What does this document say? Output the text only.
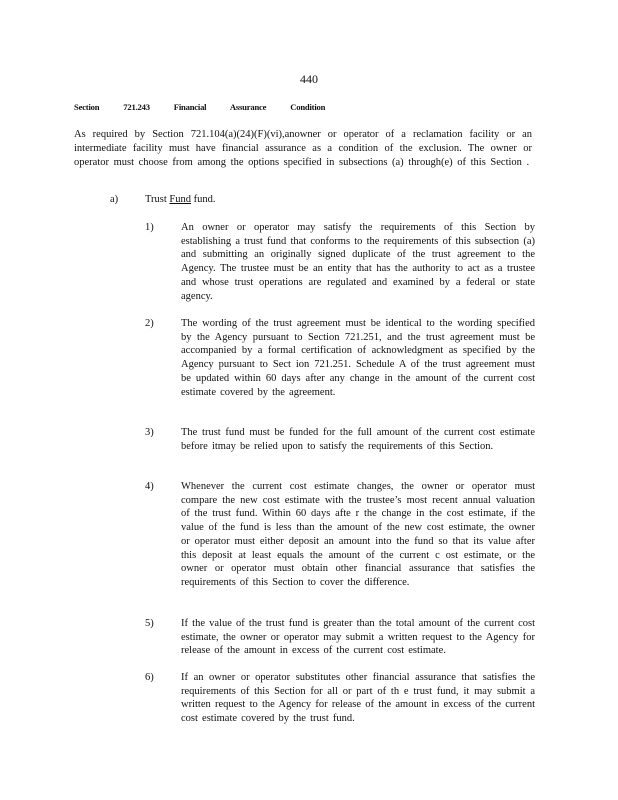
440
Section	721.243	Financial	Assurance	Condition
As required by Section 721.104(a)(24)(F)(vi),anowner or operator of a reclamation facility or an intermediate facility must have financial assurance as a condition of the exclusion. The owner or operator must choose from among the options specified in subsections (a) through(e) of this Section .
a)	Trust Fund fund.
1)	An owner or operator may satisfy the requirements of this Section by establishing a trust fund that conforms to the requirements of this subsection (a) and submitting an originally signed duplicate of the trust agreement to the Agency. The trustee must be an entity that has the authority to act as a trustee and whose trust operations are regulated and examined by a federal or state agency.
2)	The wording of the trust agreement must be identical to the wording specified by the Agency pursuant to Section 721.251, and the trust agreement must be accompanied by a formal certification of acknowledgment as specified by the Agency pursuant to Sect ion 721.251. Schedule A of the trust agreement must be updated within 60 days after any change in the amount of the current cost estimate covered by the agreement.
3)	The trust fund must be funded for the full amount of the current cost estimate before itmay be relied upon to satisfy the requirements of this Section.
4)	Whenever the current cost estimate changes, the owner or operator must compare the new cost estimate with the trustee’s most recent annual valuation of the trust fund. Within 60 days afte r the change in the cost estimate, if the value of the fund is less than the amount of the new cost estimate, the owner or operator must either deposit an amount into the fund so that its value after this deposit at least equals the amount of the current c ost estimate, or the owner or operator must obtain other financial assurance that satisfies the requirements of this Section to cover the difference.
5)	If the value of the trust fund is greater than the total amount of the current cost estimate, the owner or operator may submit a written request to the Agency for release of the amount in excess of the current cost estimate.
6)	If an owner or operator substitutes other financial assurance that satisfies the requirements of this Section for all or part of th e trust fund, it may submit a written request to the Agency for release of the amount in excess of the current cost estimate covered by the trust fund.
